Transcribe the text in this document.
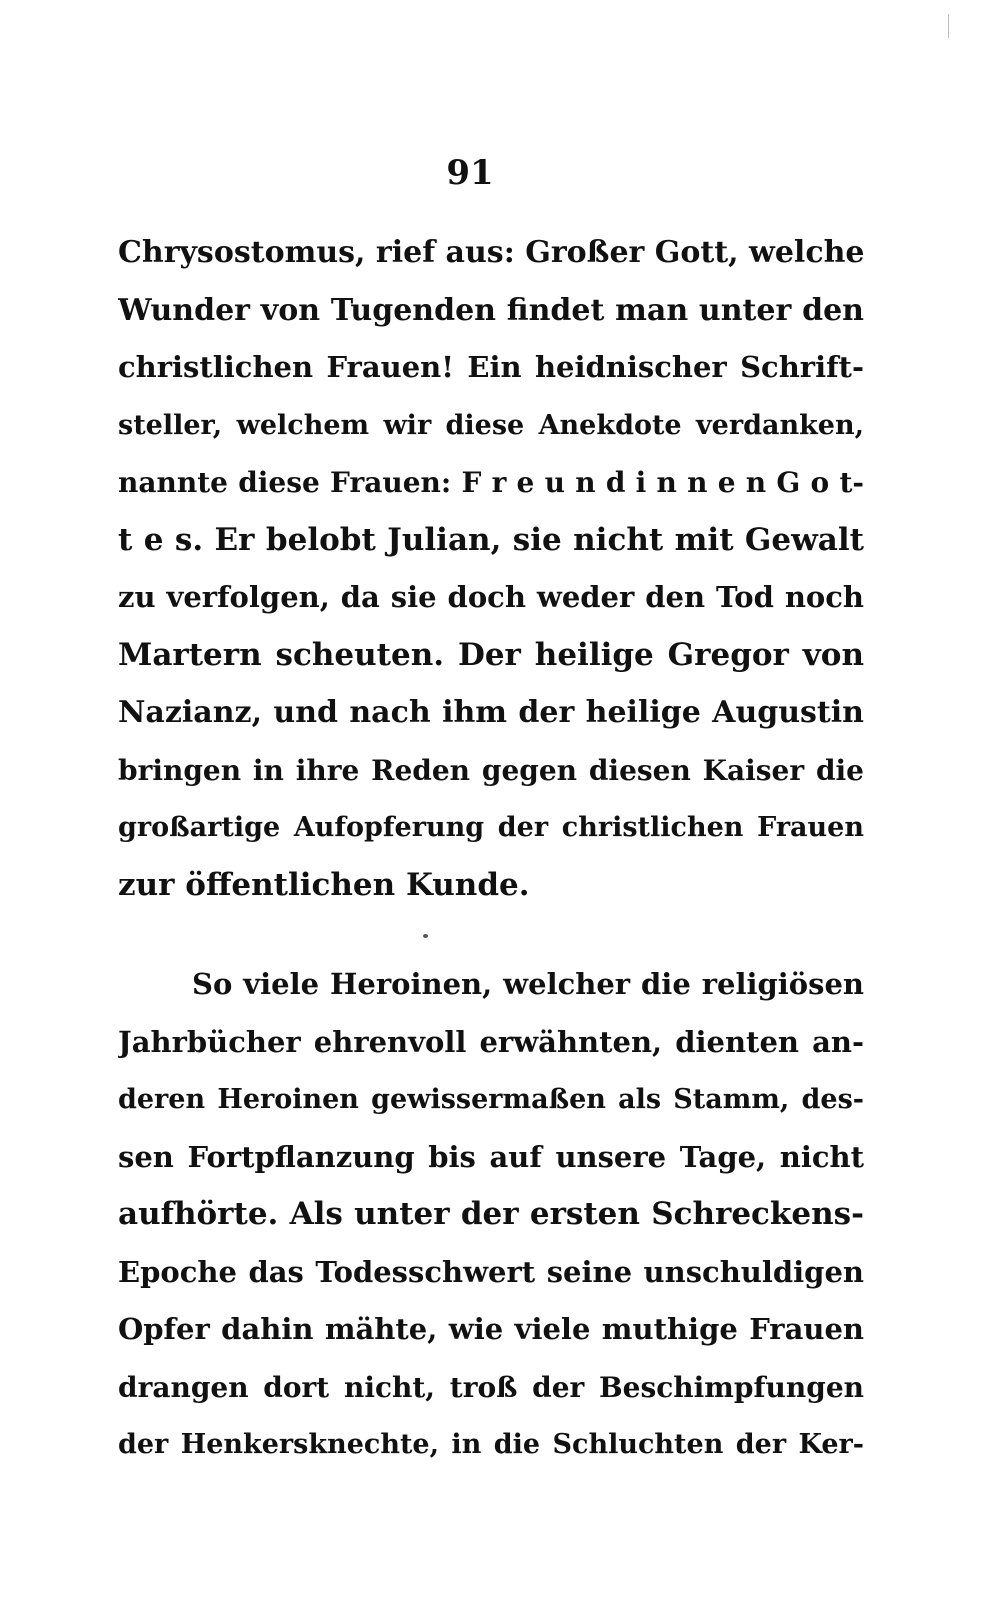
91
Chrysostomus, rief aus: Großer Gott, welche
Wunder von Tugenden findet man unter den
christlichen Frauen! Ein heidnischer Schrift-
steller, welchem wir diese Anekdote verdanken,
nannte diese Frauen: F r e u n d i n n e n G o t-
t e s. Er belobt Julian, sie nicht mit Gewalt
zu verfolgen, da sie doch weder den Tod noch
Martern scheuten. Der heilige Gregor von
Nazianz, und nach ihm der heilige Augustin
bringen in ihre Reden gegen diesen Kaiser die
großartige Aufopferung der christlichen Frauen
zur öffentlichen Kunde.
So viele Heroinen, welcher die religiösen
Jahrbücher ehrenvoll erwähnten, dienten an-
deren Heroinen gewissermaßen als Stamm, des-
sen Fortpflanzung bis auf unsere Tage, nicht
aufhörte. Als unter der ersten Schreckens-
Epoche das Todesschwert seine unschuldigen
Opfer dahin mähte, wie viele muthige Frauen
drangen dort nicht, troß der Beschimpfungen
der Henkersknechte, in die Schluchten der Ker-
